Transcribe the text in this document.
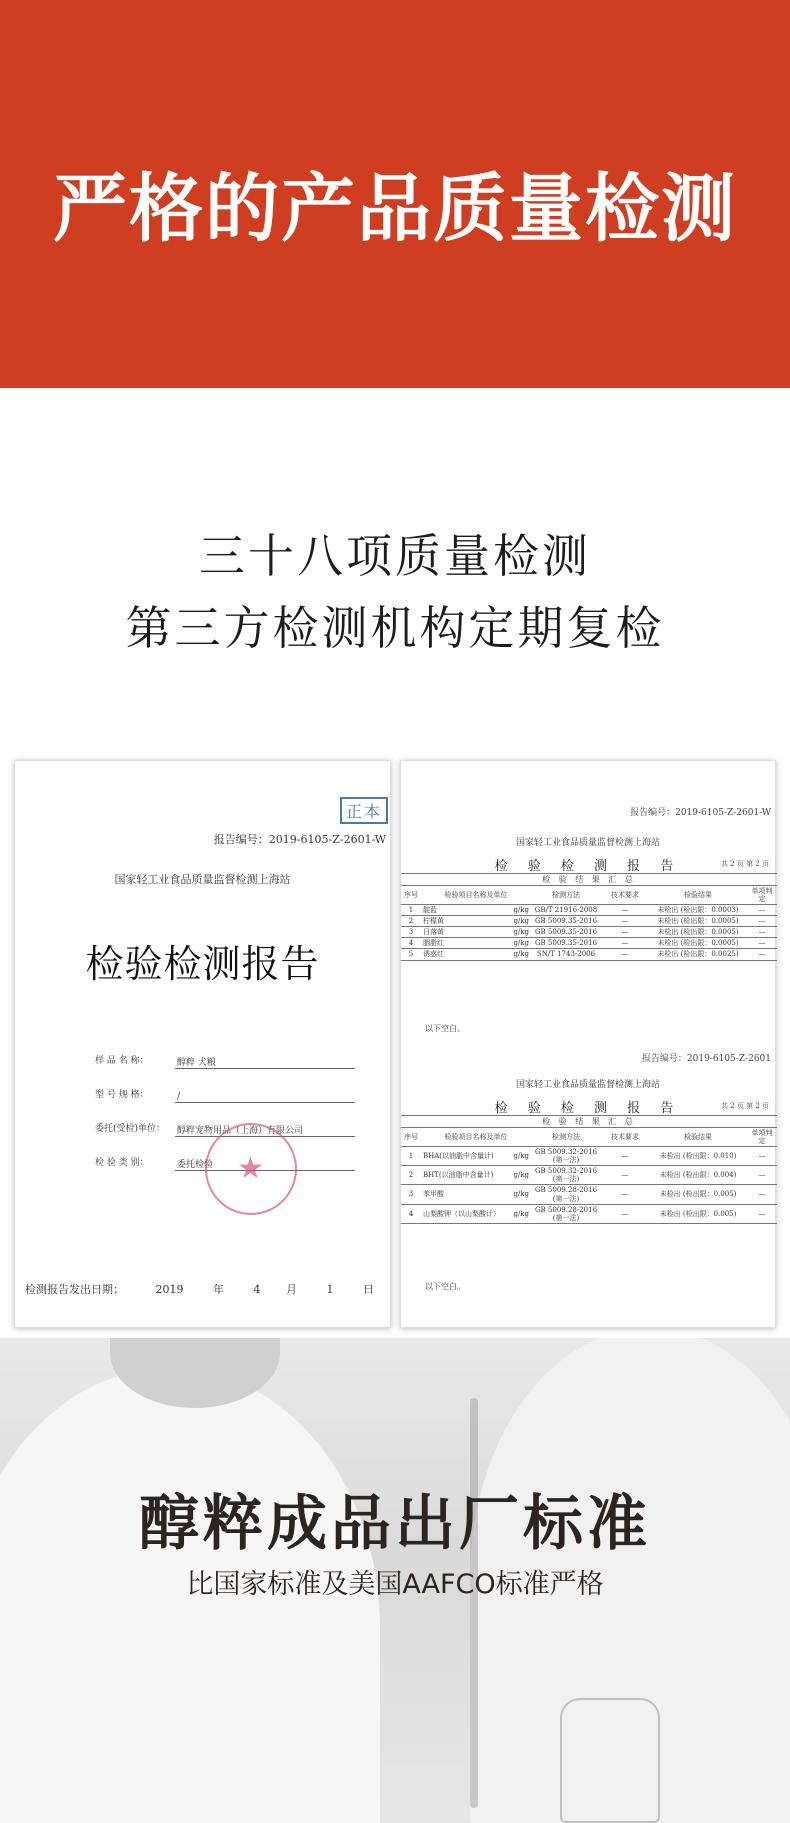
严格的产品质量检测
三十八项质量检测
第三方检测机构定期复检
正本
报告编号：2019-6105-Z-2601-W
国家轻工业食品质量监督检测上海站
检验检测报告
样 品 名 称：	醇粹 犬粮
型 号 规 格：	/
委托(受检)单位： 醇粹宠物用品（上海）有限公司
检 验 类 别：	委托检验 ★
检测报告发出日期：	2019	年	4 月	1	日
报告编号：2019-6105-Z-2601-W
国家轻工业食品质量监督检测上海站
检 验 检 测 报 告	共 2 页 第 2 页
检 验 结 果 汇 总					
序号	检验项目名称及单位	检测方法	技术要求	检验结果	单项判定
1	靛蓝 g/kg	GB/T 21916-2008	—	未检出 (检出限：0.0003)	—
2	柠檬黄 g/kg	GB 5009.35-2016	—	未检出 (检出限：0.0005)	—
3	日落黄 g/kg	GB 5009.35-2016	—	未检出 (检出限：0.0005)	—
4	胭脂红 g/kg	GB 5009.35-2016	—	未检出 (检出限：0.0005)	—
5	诱惑红 g/kg	SN/T 1743-2006	—	未检出 (检出限：0.0025)	—
以下空白。
报告编号：2019-6105-Z-2601
国家轻工业食品质量监督检测上海站
检 验 检 测 报 告	共 2 页 第 2 页
检 验 结 果 汇 总					
序号	检验项目名称及单位	检测方法	技术要求	检验结果	单项判定
1	BHA(以油脂中含量计) g/kg	GB 5009.32-2016 (第一法)	—	未检出 (检出限：0.010)	—
2	BHT(以油脂中含量计) g/kg	GB 5009.32-2016 (第一法)	—	未检出 (检出限：0.004)	—
3	苯甲酸 g/kg	GB 5009.28-2016 (第一法)	—	未检出 (检出限：0.005)	—
4	山梨酸钾（以山梨酸计） g/kg	GB 5009.28-2016 (第一法)	—	未检出 (检出限：0.005)	—
以下空白。
醇粹成品出厂标准
比国家标准及美国AAFCO标准严格
